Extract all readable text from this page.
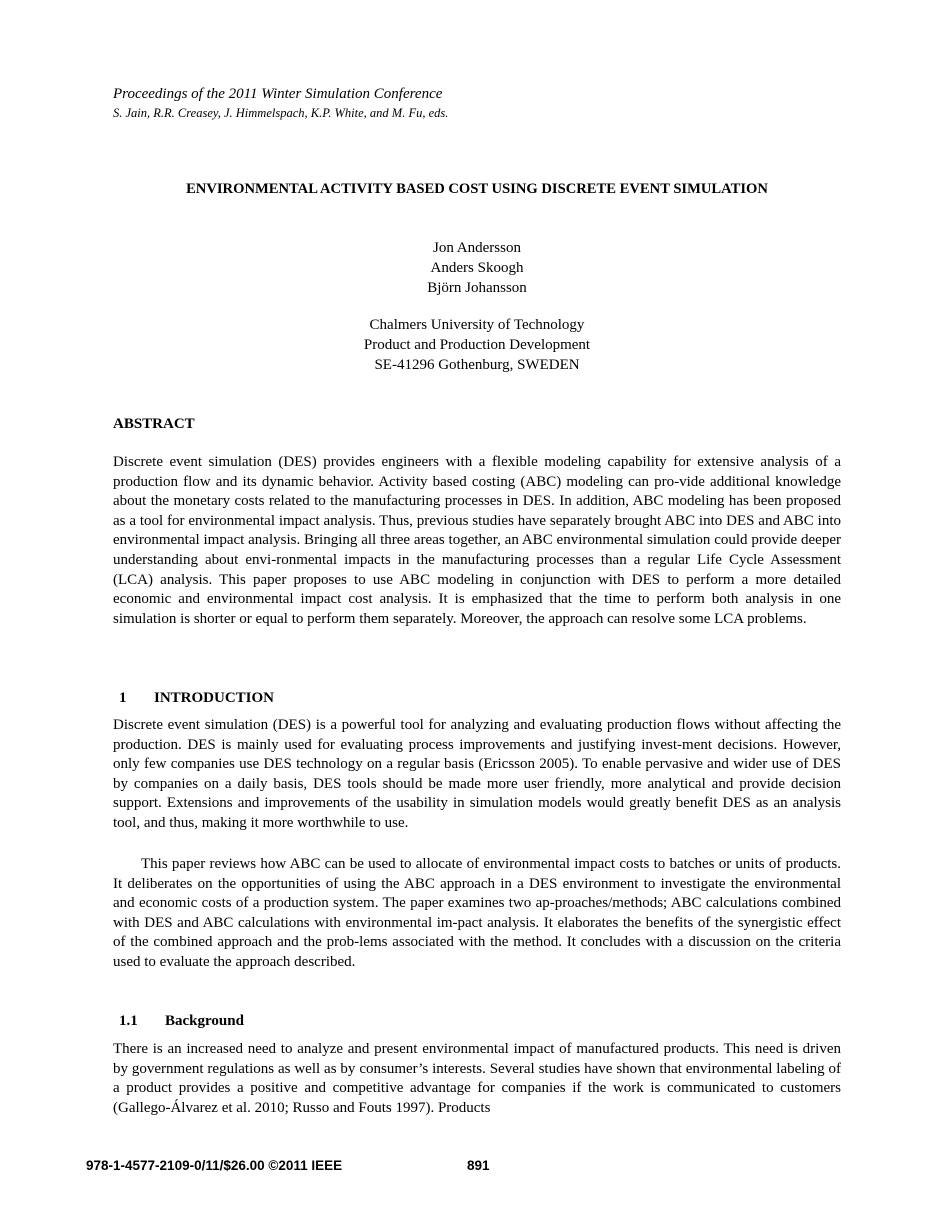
Proceedings of the 2011 Winter Simulation Conference
S. Jain, R.R. Creasey, J. Himmelspach, K.P. White, and M. Fu, eds.
ENVIRONMENTAL ACTIVITY BASED COST USING DISCRETE EVENT SIMULATION
Jon Andersson
Anders Skoogh
Björn Johansson
Chalmers University of Technology
Product and Production Development
SE-41296 Gothenburg, SWEDEN
ABSTRACT
Discrete event simulation (DES) provides engineers with a flexible modeling capability for extensive analysis of a production flow and its dynamic behavior. Activity based costing (ABC) modeling can pro-vide additional knowledge about the monetary costs related to the manufacturing processes in DES. In addition, ABC modeling has been proposed as a tool for environmental impact analysis. Thus, previous studies have separately brought ABC into DES and ABC into environmental impact analysis. Bringing all three areas together, an ABC environmental simulation could provide deeper understanding about envi-ronmental impacts in the manufacturing processes than a regular Life Cycle Assessment (LCA) analysis. This paper proposes to use ABC modeling in conjunction with DES to perform a more detailed economic and environmental impact cost analysis. It is emphasized that the time to perform both analysis in one simulation is shorter or equal to perform them separately. Moreover, the approach can resolve some LCA problems.
1 INTRODUCTION
Discrete event simulation (DES) is a powerful tool for analyzing and evaluating production flows without affecting the production. DES is mainly used for evaluating process improvements and justifying invest-ment decisions. However, only few companies use DES technology on a regular basis (Ericsson 2005). To enable pervasive and wider use of DES by companies on a daily basis, DES tools should be made more user friendly, more analytical and provide decision support. Extensions and improvements of the usability in simulation models would greatly benefit DES as an analysis tool, and thus, making it more worthwhile to use.
This paper reviews how ABC can be used to allocate of environmental impact costs to batches or units of products. It deliberates on the opportunities of using the ABC approach in a DES environment to investigate the environmental and economic costs of a production system. The paper examines two ap-proaches/methods; ABC calculations combined with DES and ABC calculations with environmental im-pact analysis. It elaborates the benefits of the synergistic effect of the combined approach and the prob-lems associated with the method. It concludes with a discussion on the criteria used to evaluate the approach described.
1.1 Background
There is an increased need to analyze and present environmental impact of manufactured products. This need is driven by government regulations as well as by consumer’s interests. Several studies have shown that environmental labeling of a product provides a positive and competitive advantage for companies if the work is communicated to customers (Gallego-Álvarez et al. 2010; Russo and Fouts 1997). Products
978-1-4577-2109-0/11/$26.00 ©2011 IEEE	891
